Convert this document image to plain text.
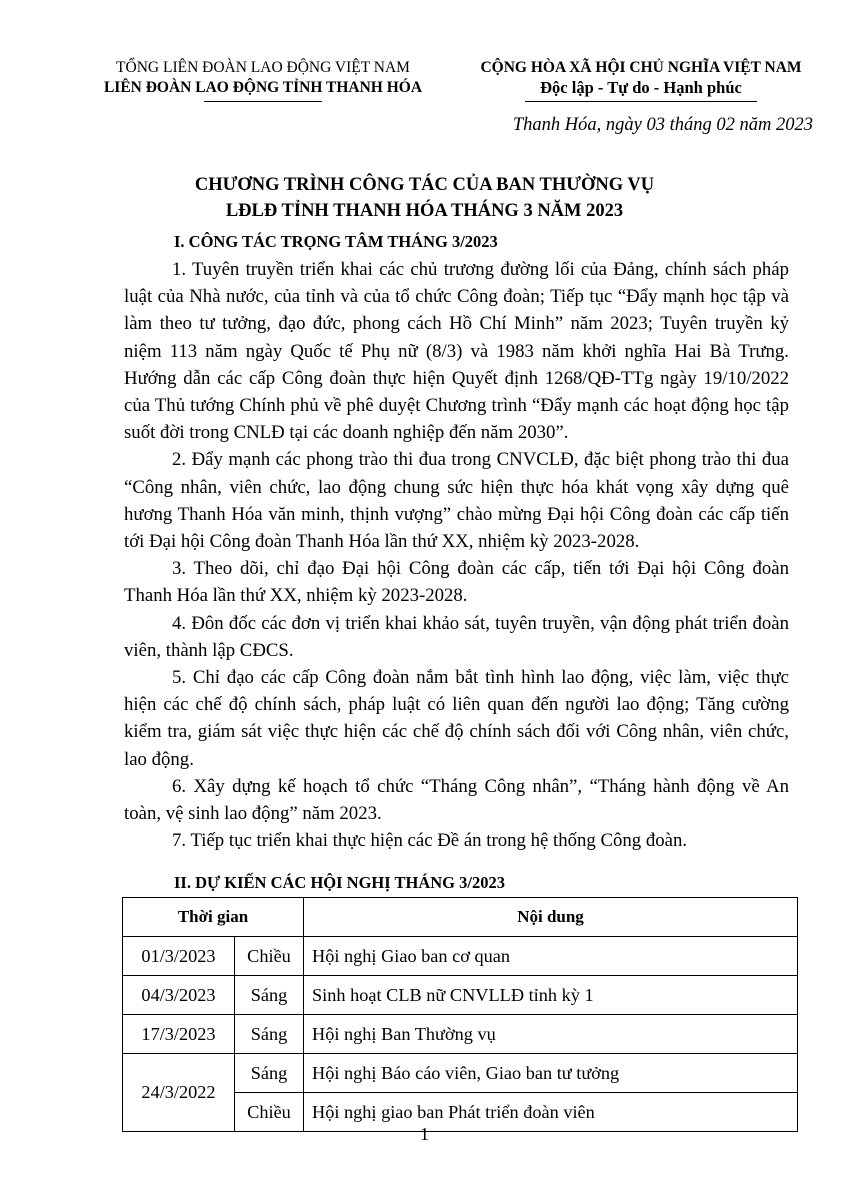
TỔNG LIÊN ĐOÀN LAO ĐỘNG VIỆT NAM
LIÊN ĐOÀN LAO ĐỘNG TỈNH THANH HÓA
CỘNG HÒA XÃ HỘI CHỦ NGHĨA VIỆT NAM
Độc lập - Tự do - Hạnh phúc
Thanh Hóa, ngày 03 tháng 02 năm 2023
CHƯƠNG TRÌNH CÔNG TÁC CỦA BAN THƯỜNG VỤ
LĐLĐ TỈNH THANH HÓA THÁNG 3 NĂM 2023
I. CÔNG TÁC TRỌNG TÂM THÁNG 3/2023

1. Tuyên truyền triển khai các chủ trương đường lối của Đảng, chính sách pháp luật của Nhà nước, của tỉnh và của tổ chức Công đoàn; Tiếp tục “Đẩy mạnh học tập và làm theo tư tưởng, đạo đức, phong cách Hồ Chí Minh” năm 2023; Tuyên truyền kỷ niệm 113 năm ngày Quốc tế Phụ nữ (8/3) và 1983 năm khởi nghĩa Hai Bà Trưng. Hướng dẫn các cấp Công đoàn thực hiện Quyết định 1268/QĐ-TTg ngày 19/10/2022 của Thủ tướng Chính phủ về phê duyệt Chương trình “Đẩy mạnh các hoạt động học tập suốt đời trong CNLĐ tại các doanh nghiệp đến năm 2030”.

2. Đẩy mạnh các phong trào thi đua trong CNVCLĐ, đặc biệt phong trào thi đua “Công nhân, viên chức, lao động chung sức hiện thực hóa khát vọng xây dựng quê hương Thanh Hóa văn minh, thịnh vượng” chào mừng Đại hội Công đoàn các cấp tiến tới Đại hội Công đoàn Thanh Hóa lần thứ XX, nhiệm kỳ 2023-2028.

3. Theo dõi, chỉ đạo Đại hội Công đoàn các cấp, tiến tới Đại hội Công đoàn Thanh Hóa lần thứ XX, nhiệm kỳ 2023-2028.

4. Đôn đốc các đơn vị triển khai khảo sát, tuyên truyền, vận động phát triển đoàn viên, thành lập CĐCS.

5. Chỉ đạo các cấp Công đoàn nắm bắt tình hình lao động, việc làm, việc thực hiện các chế độ chính sách, pháp luật có liên quan đến người lao động; Tăng cường kiểm tra, giám sát việc thực hiện các chế độ chính sách đối với Công nhân, viên chức, lao động.

6. Xây dựng kế hoạch tổ chức “Tháng Công nhân”, “Tháng hành động về An toàn, vệ sinh lao động” năm 2023.

7. Tiếp tục triển khai thực hiện các Đề án trong hệ thống Công đoàn.

II. DỰ KIẾN CÁC HỘI NGHỊ THÁNG 3/2023
Thời gian		Nội dung
01/3/2023	Chiều	Hội nghị Giao ban cơ quan
04/3/2023	Sáng	Sinh hoạt CLB nữ CNVLLĐ tỉnh kỳ 1
17/3/2023	Sáng	Hội nghị Ban Thường vụ
24/3/2022	Sáng	Hội nghị Báo cáo viên, Giao ban tư tưởng
	Chiều	Hội nghị giao ban Phát triển đoàn viên
1
